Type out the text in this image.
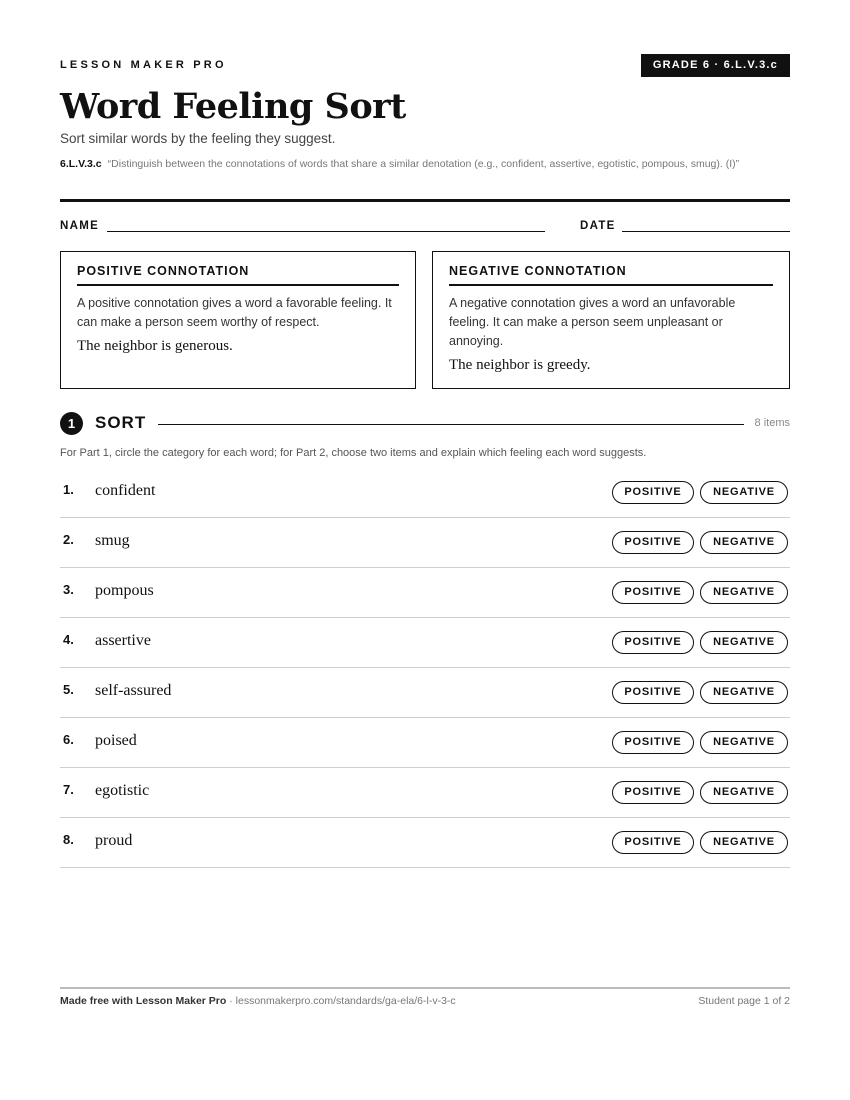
LESSON MAKER PRO	GRADE 6 · 6.L.V.3.c
Word Feeling Sort
Sort similar words by the feeling they suggest.
6.L.V.3.c “Distinguish between the connotations of words that share a similar denotation (e.g., confident, assertive, egotistic, pompous, smug). (I)”
NAME	DATE
POSITIVE CONNOTATION
A positive connotation gives a word a favorable feeling. It can make a person seem worthy of respect.
The neighbor is generous.
NEGATIVE CONNOTATION
A negative connotation gives a word an unfavorable feeling. It can make a person seem unpleasant or annoying.
The neighbor is greedy.
1	SORT	8 items
For Part 1, circle the category for each word; for Part 2, choose two items and explain which feeling each word suggests.
1. confident	POSITIVE	NEGATIVE
2. smug	POSITIVE	NEGATIVE
3. pompous	POSITIVE	NEGATIVE
4. assertive	POSITIVE	NEGATIVE
5. self-assured	POSITIVE	NEGATIVE
6. poised	POSITIVE	NEGATIVE
7. egotistic	POSITIVE	NEGATIVE
8. proud	POSITIVE	NEGATIVE
Made free with Lesson Maker Pro · lessonmakerpro.com/standards/ga-ela/6-l-v-3-c	Student page 1 of 2
